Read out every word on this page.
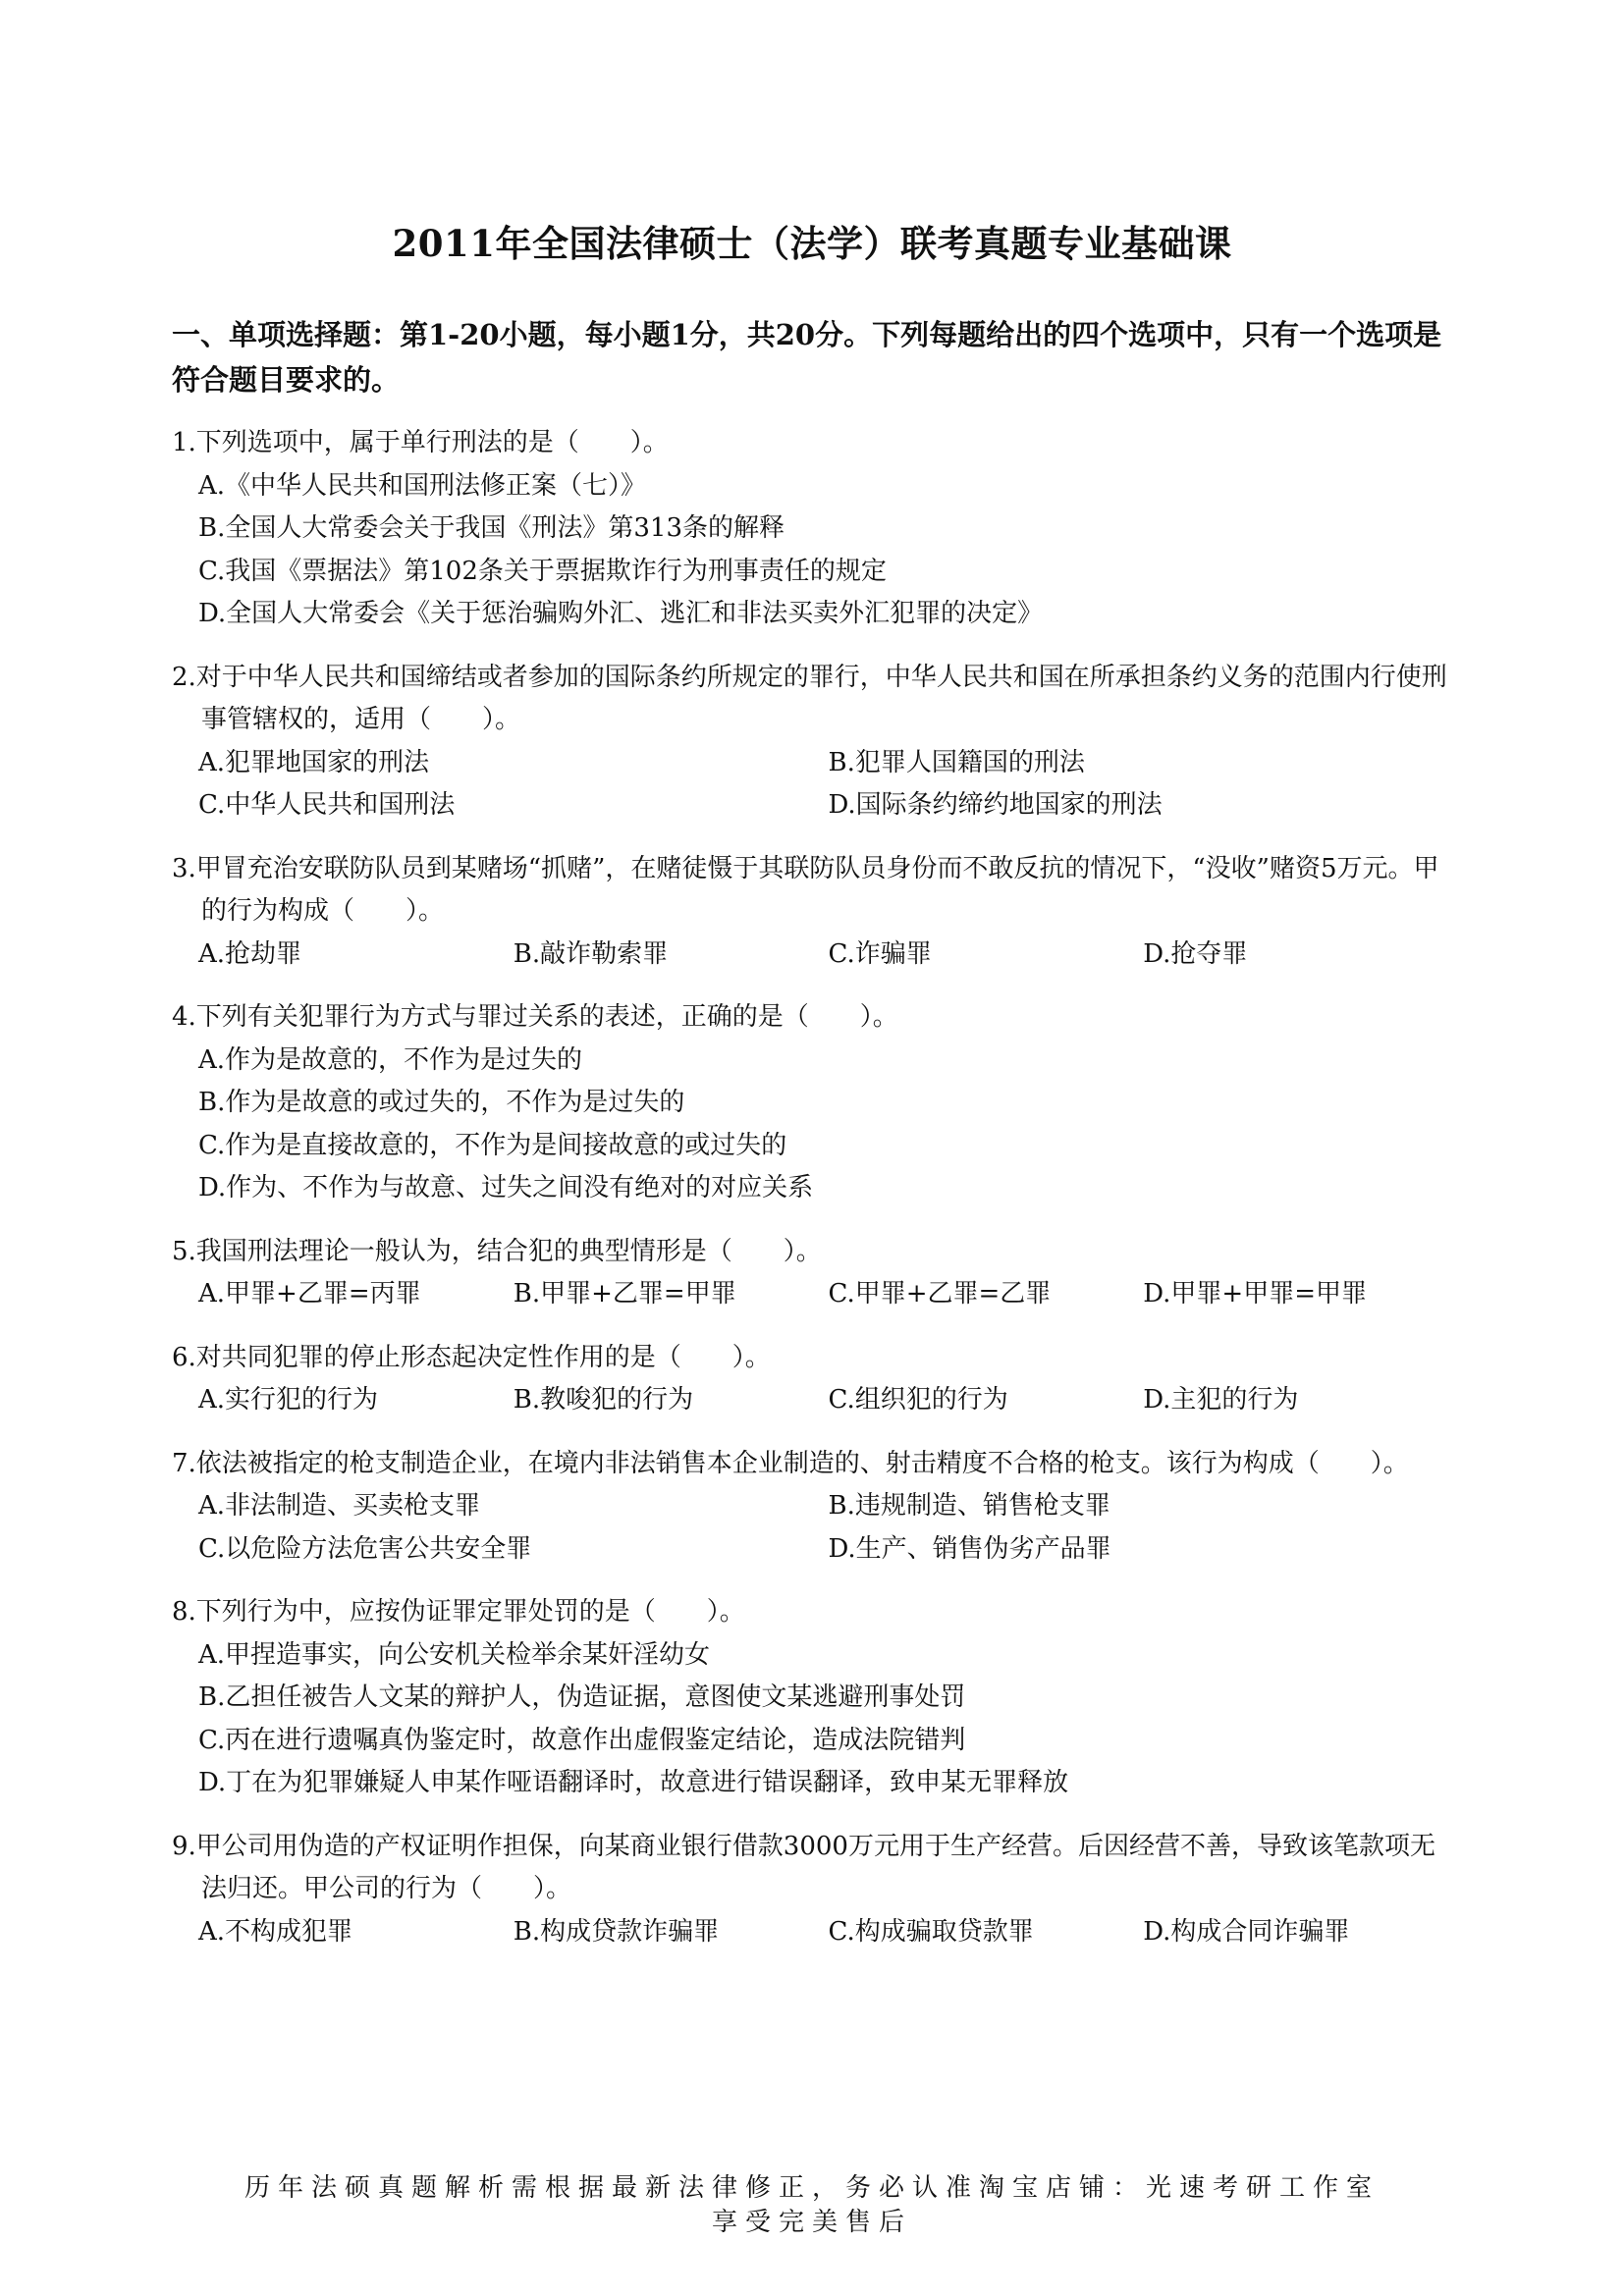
2011年全国法律硕士（法学）联考真题专业基础课
一、单项选择题：第1-20小题，每小题1分，共20分。下列每题给出的四个选项中，只有一个选项是符合题目要求的。
1.下列选项中，属于单行刑法的是（　　）。
A.《中华人民共和国刑法修正案（七）》
B.全国人大常委会关于我国《刑法》第313条的解释
C.我国《票据法》第102条关于票据欺诈行为刑事责任的规定
D.全国人大常委会《关于惩治骗购外汇、逃汇和非法买卖外汇犯罪的决定》
2.对于中华人民共和国缔结或者参加的国际条约所规定的罪行，中华人民共和国在所承担条约义务的范围内行使刑事管辖权的，适用（　　）。
A.犯罪地国家的刑法	B.犯罪人国籍国的刑法
C.中华人民共和国刑法	D.国际条约缔约地国家的刑法
3.甲冒充治安联防队员到某赌场“抓赌”，在赌徒慑于其联防队员身份而不敢反抗的情况下，“没收”赌资5万元。甲的行为构成（　　）。
A.抢劫罪	B.敲诈勒索罪	C.诈骗罪	D.抢夺罪
4.下列有关犯罪行为方式与罪过关系的表述，正确的是（　　）。
A.作为是故意的，不作为是过失的
B.作为是故意的或过失的，不作为是过失的
C.作为是直接故意的，不作为是间接故意的或过失的
D.作为、不作为与故意、过失之间没有绝对的对应关系
5.我国刑法理论一般认为，结合犯的典型情形是（　　）。
A.甲罪+乙罪=丙罪	B.甲罪+乙罪=甲罪	C.甲罪+乙罪=乙罪	D.甲罪+甲罪=甲罪
6.对共同犯罪的停止形态起决定性作用的是（　　）。
A.实行犯的行为	B.教唆犯的行为	C.组织犯的行为	D.主犯的行为
7.依法被指定的枪支制造企业，在境内非法销售本企业制造的、射击精度不合格的枪支。该行为构成（　　）。
A.非法制造、买卖枪支罪	B.违规制造、销售枪支罪
C.以危险方法危害公共安全罪	D.生产、销售伪劣产品罪
8.下列行为中，应按伪证罪定罪处罚的是（　　）。
A.甲捏造事实，向公安机关检举余某奸淫幼女
B.乙担任被告人文某的辩护人，伪造证据，意图使文某逃避刑事处罚
C.丙在进行遗嘱真伪鉴定时，故意作出虚假鉴定结论，造成法院错判
D.丁在为犯罪嫌疑人申某作哑语翻译时，故意进行错误翻译，致申某无罪释放
9.甲公司用伪造的产权证明作担保，向某商业银行借款3000万元用于生产经营。后因经营不善，导致该笔款项无法归还。甲公司的行为（　　）。
A.不构成犯罪	B.构成贷款诈骗罪	C.构成骗取贷款罪	D.构成合同诈骗罪
历年法硕真题解析需根据最新法律修正，务必认准淘宝店铺：光速考研工作室
享受完美售后
